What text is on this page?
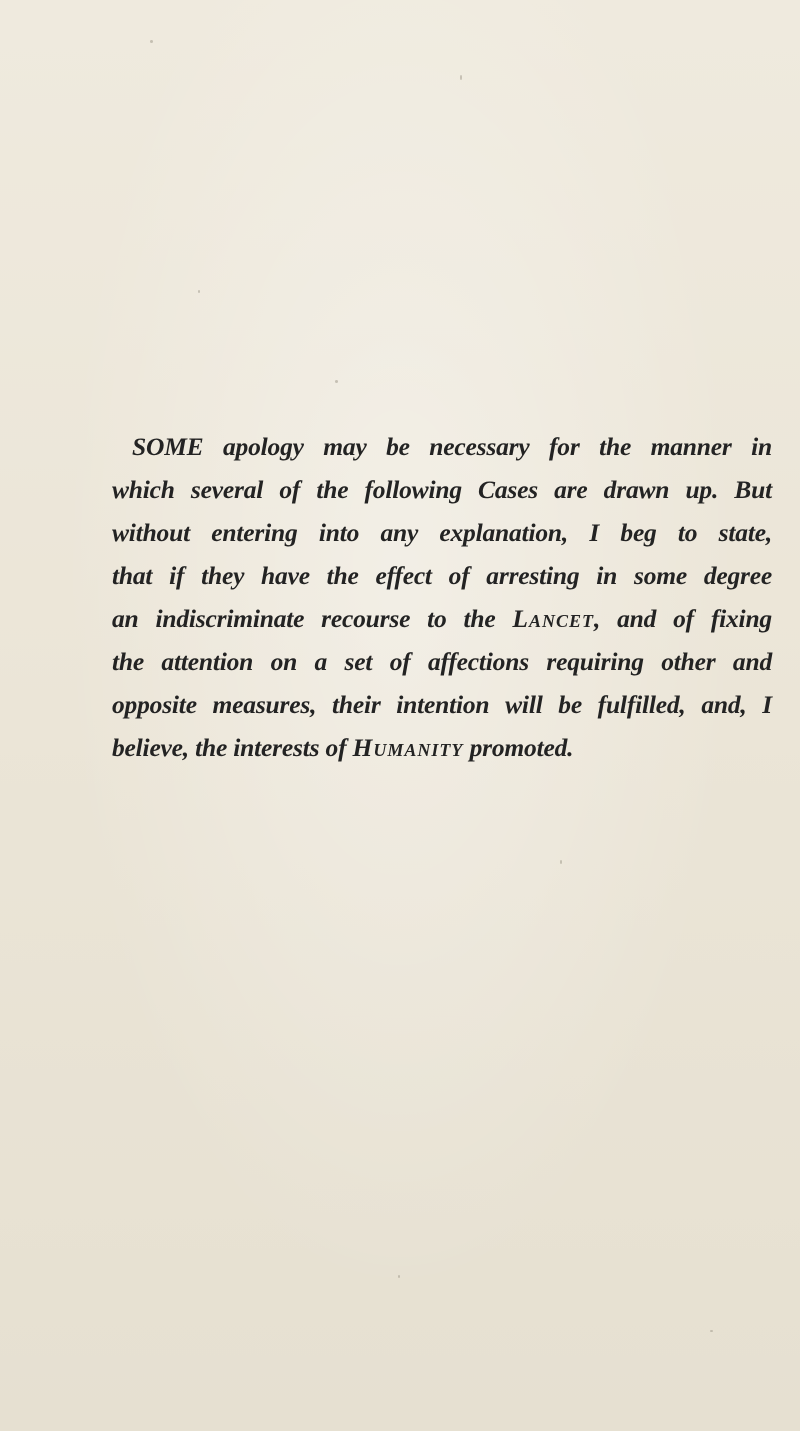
SOME apology may be necessary for the manner in
which several of the following Cases are drawn up. But
without entering into any explanation, I beg to state,
that if they have the effect of arresting in some degree
an indiscriminate recourse to the Lancet, and of fixing
the attention on a set of affections requiring other and
opposite measures, their intention will be fulfilled, and, I
believe, the interests of Humanity promoted.
